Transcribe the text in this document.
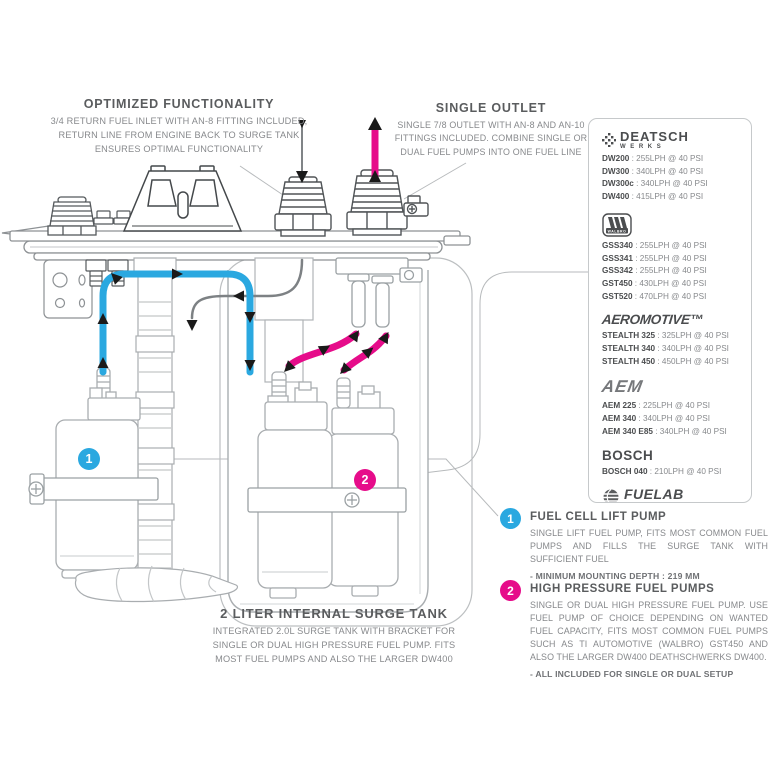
OPTIMIZED FUNCTIONALITY
3/4 RETURN FUEL INLET WITH AN-8 FITTING INCLUDED, RETURN LINE FROM ENGINE BACK TO SURGE TANK ENSURES OPTIMAL FUNCTIONALITY
SINGLE OUTLET
SINGLE 7/8 OUTLET WITH AN-8 AND AN-10 FITTINGS INCLUDED. COMBINE SINGLE OR DUAL FUEL PUMPS INTO ONE FUEL LINE
2 LITER INTERNAL SURGE TANK
INTEGRATED 2.0L SURGE TANK WITH BRACKET FOR SINGLE OR DUAL HIGH PRESSURE FUEL PUMP. FITS MOST FUEL PUMPS AND ALSO THE LARGER DW400
DEATSCH
WERKS
DW200 : 255LPH @ 40 PSI
DW300 : 340LPH @ 40 PSI
DW300c : 340LPH @ 40 PSI
DW400 : 415LPH @ 40 PSI
WALBRO
GSS340 : 255LPH @ 40 PSI
GSS341 : 255LPH @ 40 PSI
GSS342 : 255LPH @ 40 PSI
GST450 : 430LPH @ 40 PSI
GST520 : 470LPH @ 40 PSI
AEROMOTIVE™
STEALTH 325 : 325LPH @ 40 PSI
STEALTH 340 : 340LPH @ 40 PSI
STEALTH 450 : 450LPH @ 40 PSI
AEM
AEM 225 : 225LPH @ 40 PSI
AEM 340 : 340LPH @ 40 PSI
AEM 340 E85 : 340LPH @ 40 PSI
BOSCH
BOSCH 040 : 210LPH @ 40 PSI
FUELAB
1	FUEL CELL LIFT PUMP
SINGLE LIFT FUEL PUMP, FITS MOST COMMON FUEL PUMPS AND FILLS THE SURGE TANK WITH SUFFICIENT FUEL
- MINIMUM MOUNTING DEPTH : 219 MM
2	HIGH PRESSURE FUEL PUMPS
SINGLE OR DUAL HIGH PRESSURE FUEL PUMP. USE FUEL PUMP OF CHOICE DEPENDING ON WANTED FUEL CAPACITY, FITS MOST COMMON FUEL PUMPS SUCH AS TI AUTOMOTIVE (WALBRO) GST450 AND ALSO THE LARGER DW400 DEATHSCHWERKS DW400.
- ALL INCLUDED FOR SINGLE OR DUAL SETUP
1
2
